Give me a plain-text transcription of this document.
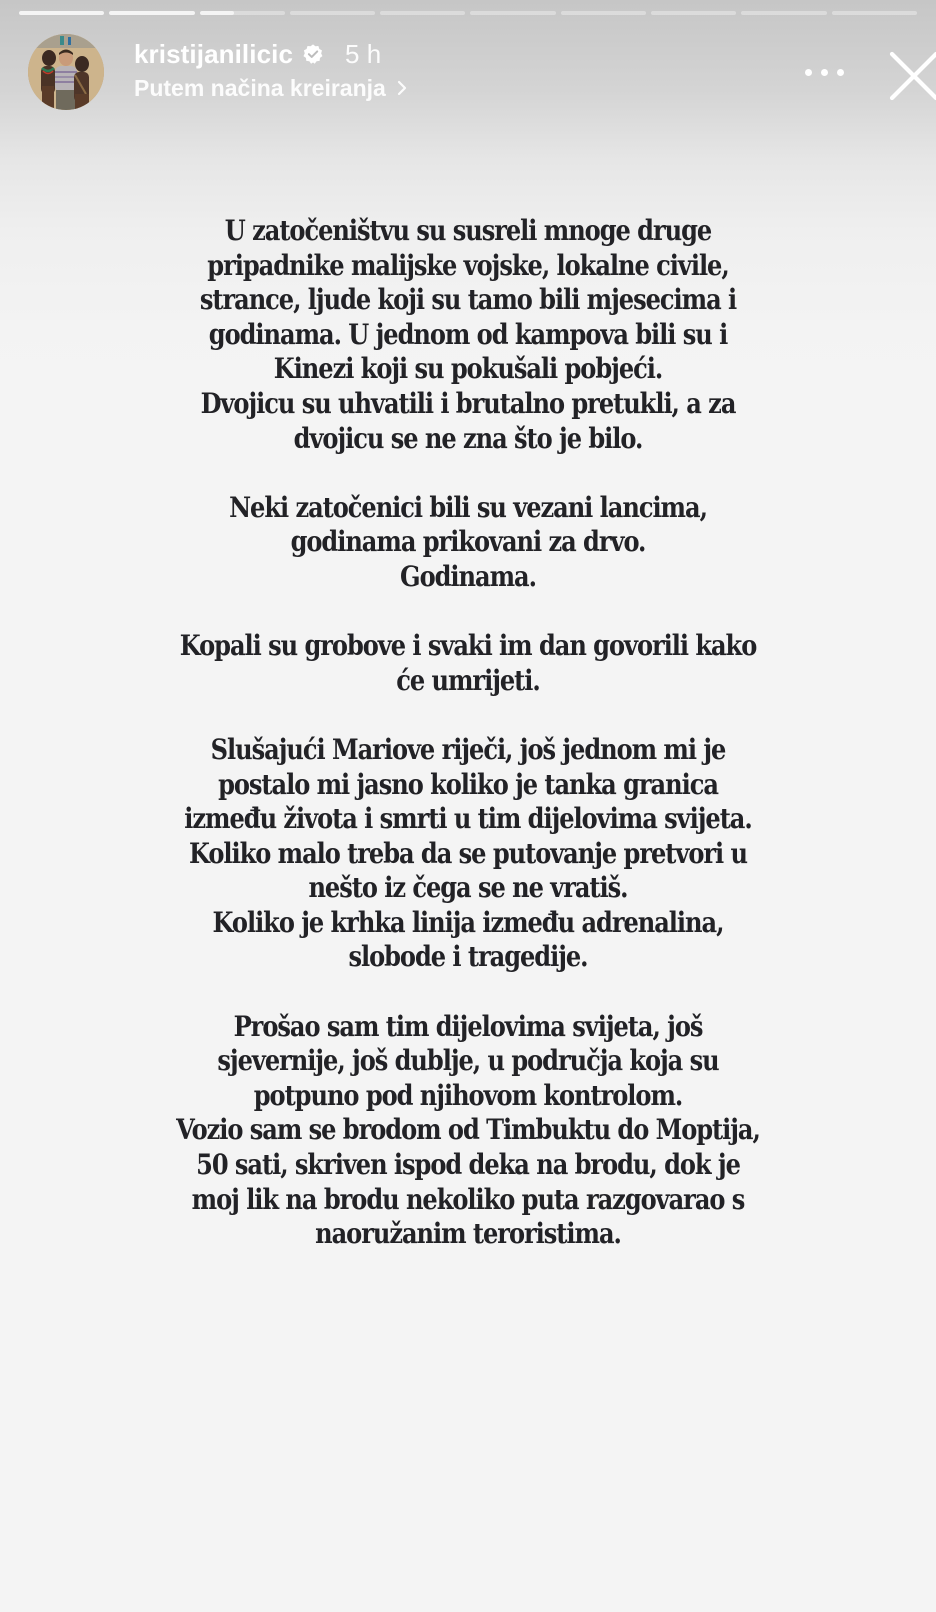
kristijanilicic 5 h
Putem načina kreiranja
U zatočeništvu su susreli mnoge druge
pripadnike malijske vojske, lokalne civile,
strance, ljude koji su tamo bili mjesecima i
godinama. U jednom od kampova bili su i
Kinezi koji su pokušali pobjeći.
Dvojicu su uhvatili i brutalno pretukli, a za
dvojicu se ne zna što je bilo.
Neki zatočenici bili su vezani lancima,
godinama prikovani za drvo.
Godinama.
Kopali su grobove i svaki im dan govorili kako
će umrijeti.
Slušajući Mariove riječi, još jednom mi je
postalo mi jasno koliko je tanka granica
između života i smrti u tim dijelovima svijeta.
Koliko malo treba da se putovanje pretvori u
nešto iz čega se ne vratiš.
Koliko je krhka linija između adrenalina,
slobode i tragedije.
Prošao sam tim dijelovima svijeta, još
sjevernije, još dublje, u područja koja su
potpuno pod njihovom kontrolom.
Vozio sam se brodom od Timbuktu do Moptija,
50 sati, skriven ispod deka na brodu, dok je
moj lik na brodu nekoliko puta razgovarao s
naoružanim teroristima.
